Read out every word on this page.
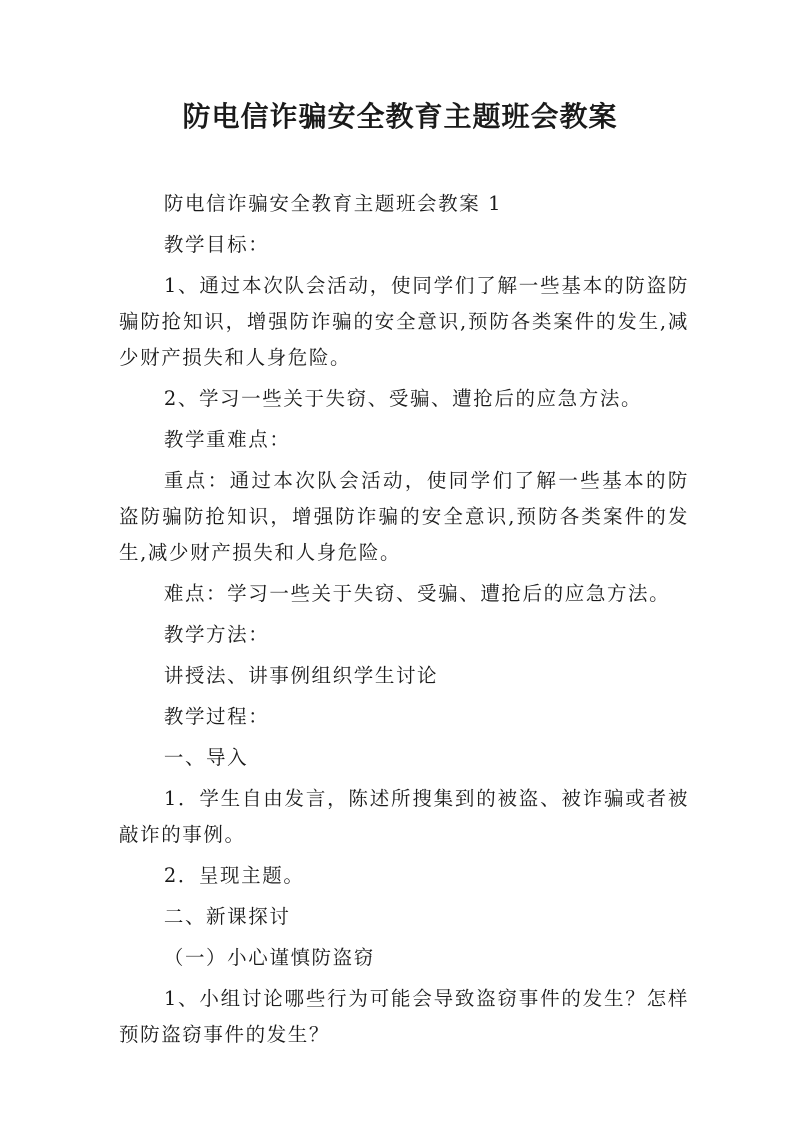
防电信诈骗安全教育主题班会教案

防电信诈骗安全教育主题班会教案 1

教学目标：

1、通过本次队会活动，使同学们了解一些基本的防盗防骗防抢知识，增强防诈骗的安全意识,预防各类案件的发生,减少财产损失和人身危险。

2、学习一些关于失窃、受骗、遭抢后的应急方法。

教学重难点：

重点：通过本次队会活动，使同学们了解一些基本的防盗防骗防抢知识，增强防诈骗的安全意识,预防各类案件的发生,减少财产损失和人身危险。

难点：学习一些关于失窃、受骗、遭抢后的应急方法。

教学方法：

讲授法、讲事例组织学生讨论

教学过程：

一、导入

1．学生自由发言，陈述所搜集到的被盗、被诈骗或者被敲诈的事例。

2．呈现主题。

二、新课探讨

（一）小心谨慎防盗窃

1、小组讨论哪些行为可能会导致盗窃事件的发生？怎样预防盗窃事件的发生？
